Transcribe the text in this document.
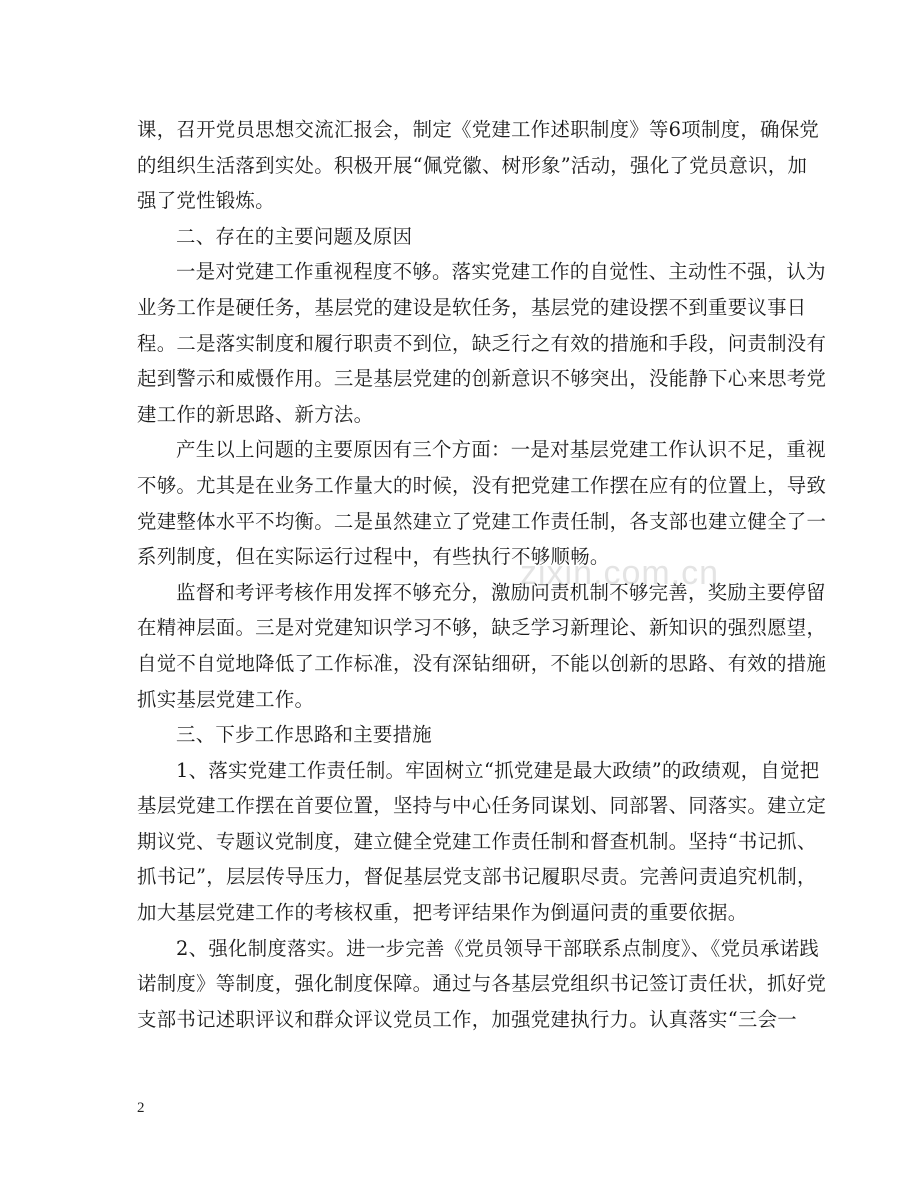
课，召开党员思想交流汇报会，制定《党建工作述职制度》等6项制度，确保党
的组织生活落到实处。积极开展“佩党徽、树形象”活动，强化了党员意识，加
强了党性锻炼。
二、存在的主要问题及原因
一是对党建工作重视程度不够。落实党建工作的自觉性、主动性不强，认为
业务工作是硬任务，基层党的建设是软任务，基层党的建设摆不到重要议事日
程。二是落实制度和履行职责不到位，缺乏行之有效的措施和手段，问责制没有
起到警示和威慑作用。三是基层党建的创新意识不够突出，没能静下心来思考党
建工作的新思路、新方法。
产生以上问题的主要原因有三个方面：一是对基层党建工作认识不足，重视
不够。尤其是在业务工作量大的时候，没有把党建工作摆在应有的位置上，导致
党建整体水平不均衡。二是虽然建立了党建工作责任制，各支部也建立健全了一
系列制度，但在实际运行过程中，有些执行不够顺畅。
监督和考评考核作用发挥不够充分，激励问责机制不够完善，奖励主要停留
在精神层面。三是对党建知识学习不够，缺乏学习新理论、新知识的强烈愿望，
自觉不自觉地降低了工作标准，没有深钻细研，不能以创新的思路、有效的措施
抓实基层党建工作。
三、下步工作思路和主要措施
1、落实党建工作责任制。牢固树立“抓党建是最大政绩”的政绩观，自觉把
基层党建工作摆在首要位置，坚持与中心任务同谋划、同部署、同落实。建立定
期议党、专题议党制度，建立健全党建工作责任制和督查机制。坚持“书记抓、
抓书记”，层层传导压力，督促基层党支部书记履职尽责。完善问责追究机制，
加大基层党建工作的考核权重，把考评结果作为倒逼问责的重要依据。
2、强化制度落实。进一步完善《党员领导干部联系点制度》、《党员承诺践
诺制度》等制度，强化制度保障。通过与各基层党组织书记签订责任状，抓好党
支部书记述职评议和群众评议党员工作，加强党建执行力。认真落实“三会一
zixin.com.cn
2
